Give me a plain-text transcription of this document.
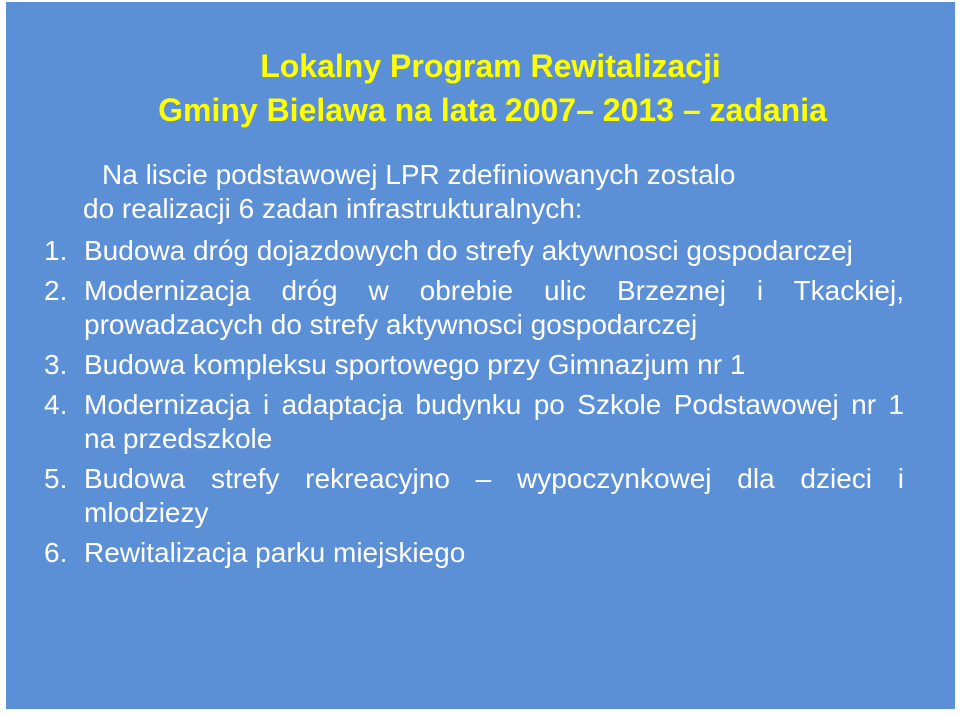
Lokalny Program Rewitalizacji
Gminy Bielawa na lata 2007– 2013 – zadania

Na liscie podstawowej LPR zdefiniowanych zostalo
do realizacji 6 zadan infrastrukturalnych:

1. Budowa dróg dojazdowych do strefy aktywnosci gospodarczej
2. Modernizacja dróg w obrebie ulic Brzeznej i Tkackiej, prowadzacych do strefy aktywnosci gospodarczej
3. Budowa kompleksu sportowego przy Gimnazjum nr 1
4. Modernizacja i adaptacja budynku po Szkole Podstawowej nr 1 na przedszkole
5. Budowa strefy rekreacyjno – wypoczynkowej dla dzieci i mlodziezy
6. Rewitalizacja parku miejskiego
